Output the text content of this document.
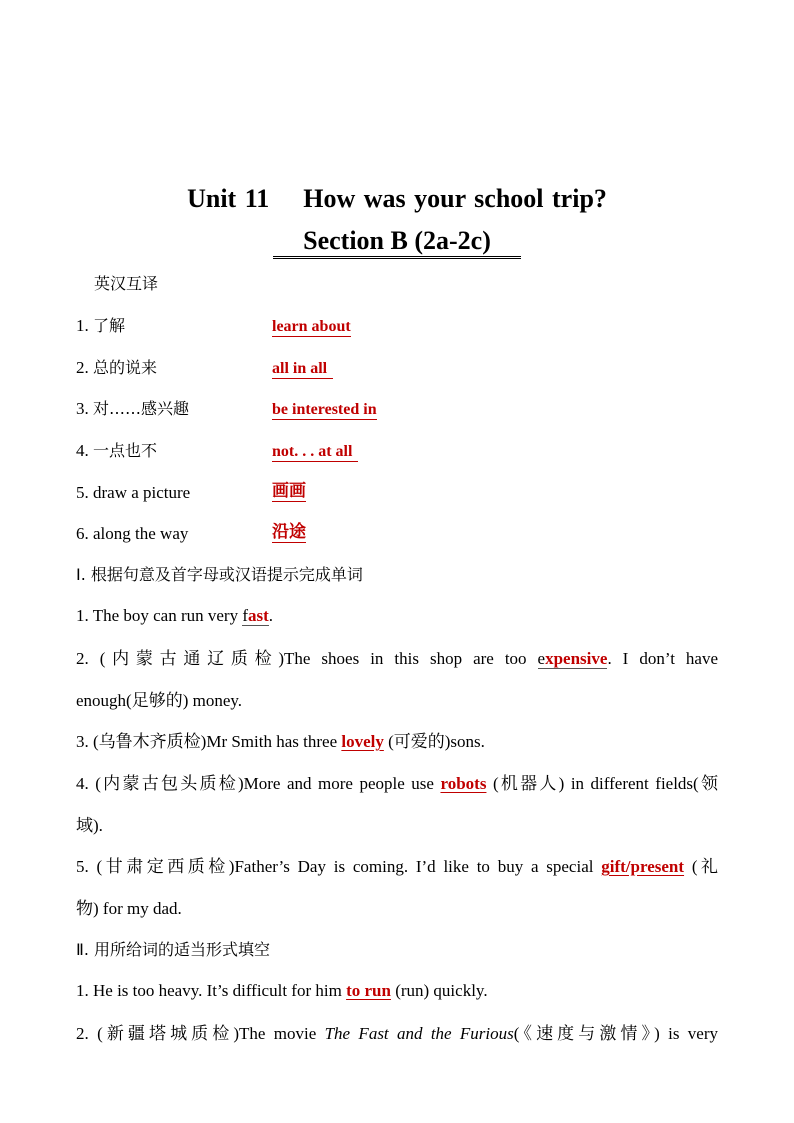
Unit 11    How was your school trip?
Section B (2a-2c)
英汉互译
1. 了解	learn about
2. 总的说来	all in all
3. 对……感兴趣	be interested in
4. 一点也不	not. . . at all
5. draw a picture	画画
6. along the way	沿途
Ⅰ. 根据句意及首字母或汉语提示完成单词
1. The boy can run very fast.
2. (内蒙古通辽质检)The shoes in this shop are too expensive. I don’t have
enough(足够的) money.
3. (乌鲁木齐质检)Mr Smith has three lovely (可爱的)sons.
4. (内蒙古包头质检)More and more people use robots (机器人) in different fields(领
域).
5. (甘肃定西质检)Father’s Day is coming. I’d like to buy a special gift/present (礼
物) for my dad.
Ⅱ. 用所给词的适当形式填空
1. He is too heavy. It’s difficult for him to run (run) quickly.
2. (新疆塔城质检)The movie The Fast and the Furious(《速度与激情》) is very
